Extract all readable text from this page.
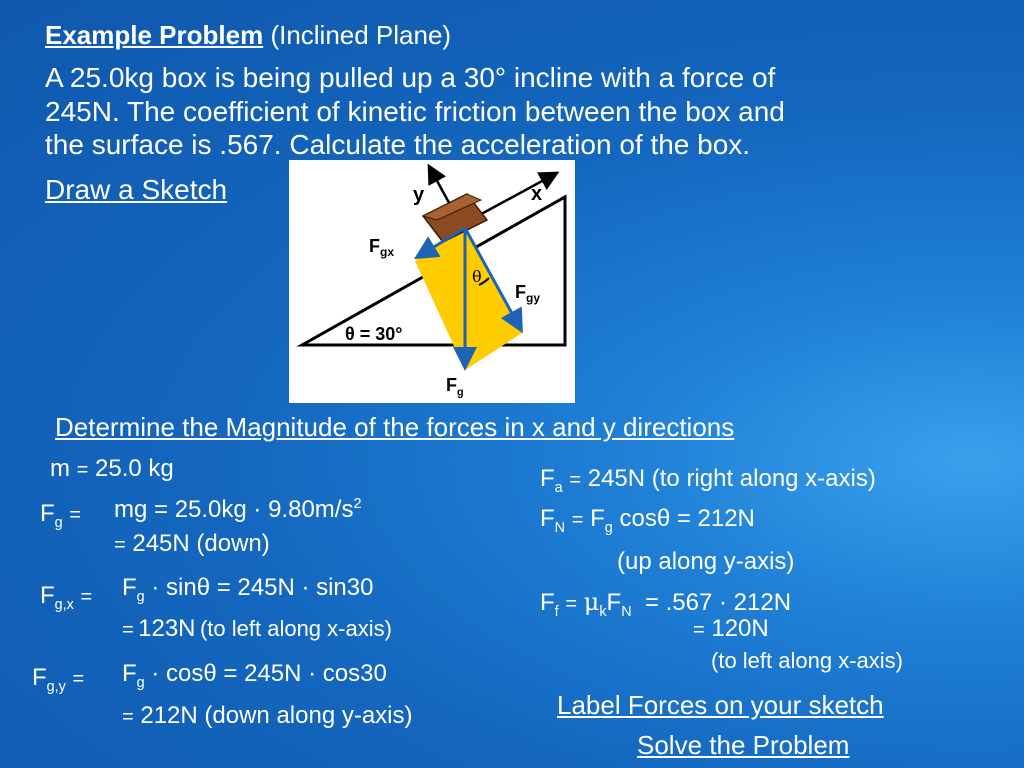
Example Problem (Inclined Plane)
A 25.0kg box is being pulled up a 30° incline with a force of
245N. The coefficient of kinetic friction between the box and
the surface is .567. Calculate the acceleration of the box.
Draw a Sketch	y	x
$F_{gx}$
$F_{gy}$
θ
θ = 30°
$F_g$
Determine the Magnitude of the forces in x and y directions
m = 25.0 kg
$F_g$ = mg = $25.0kg \cdot 9.80m/s^2$
= 245N (down)
$F_{g,x} = F_g \cdot \sin\theta = 245N \cdot \sin 30$
= 123N (to left along x-axis)
$F_{g,y} = F_g \cdot \cos\theta = 245N \cdot \cos 30$
= 212N (down along y-axis)
$F_a = 245N$ (to right along x-axis)
$F_N = F_g$ cosθ = 212N
(up along y-axis)
$F_f = \mu_kF_N = .567 \cdot 212N$
= 120N
(to left along x-axis)
Label Forces on your sketch
Solve the Problem
